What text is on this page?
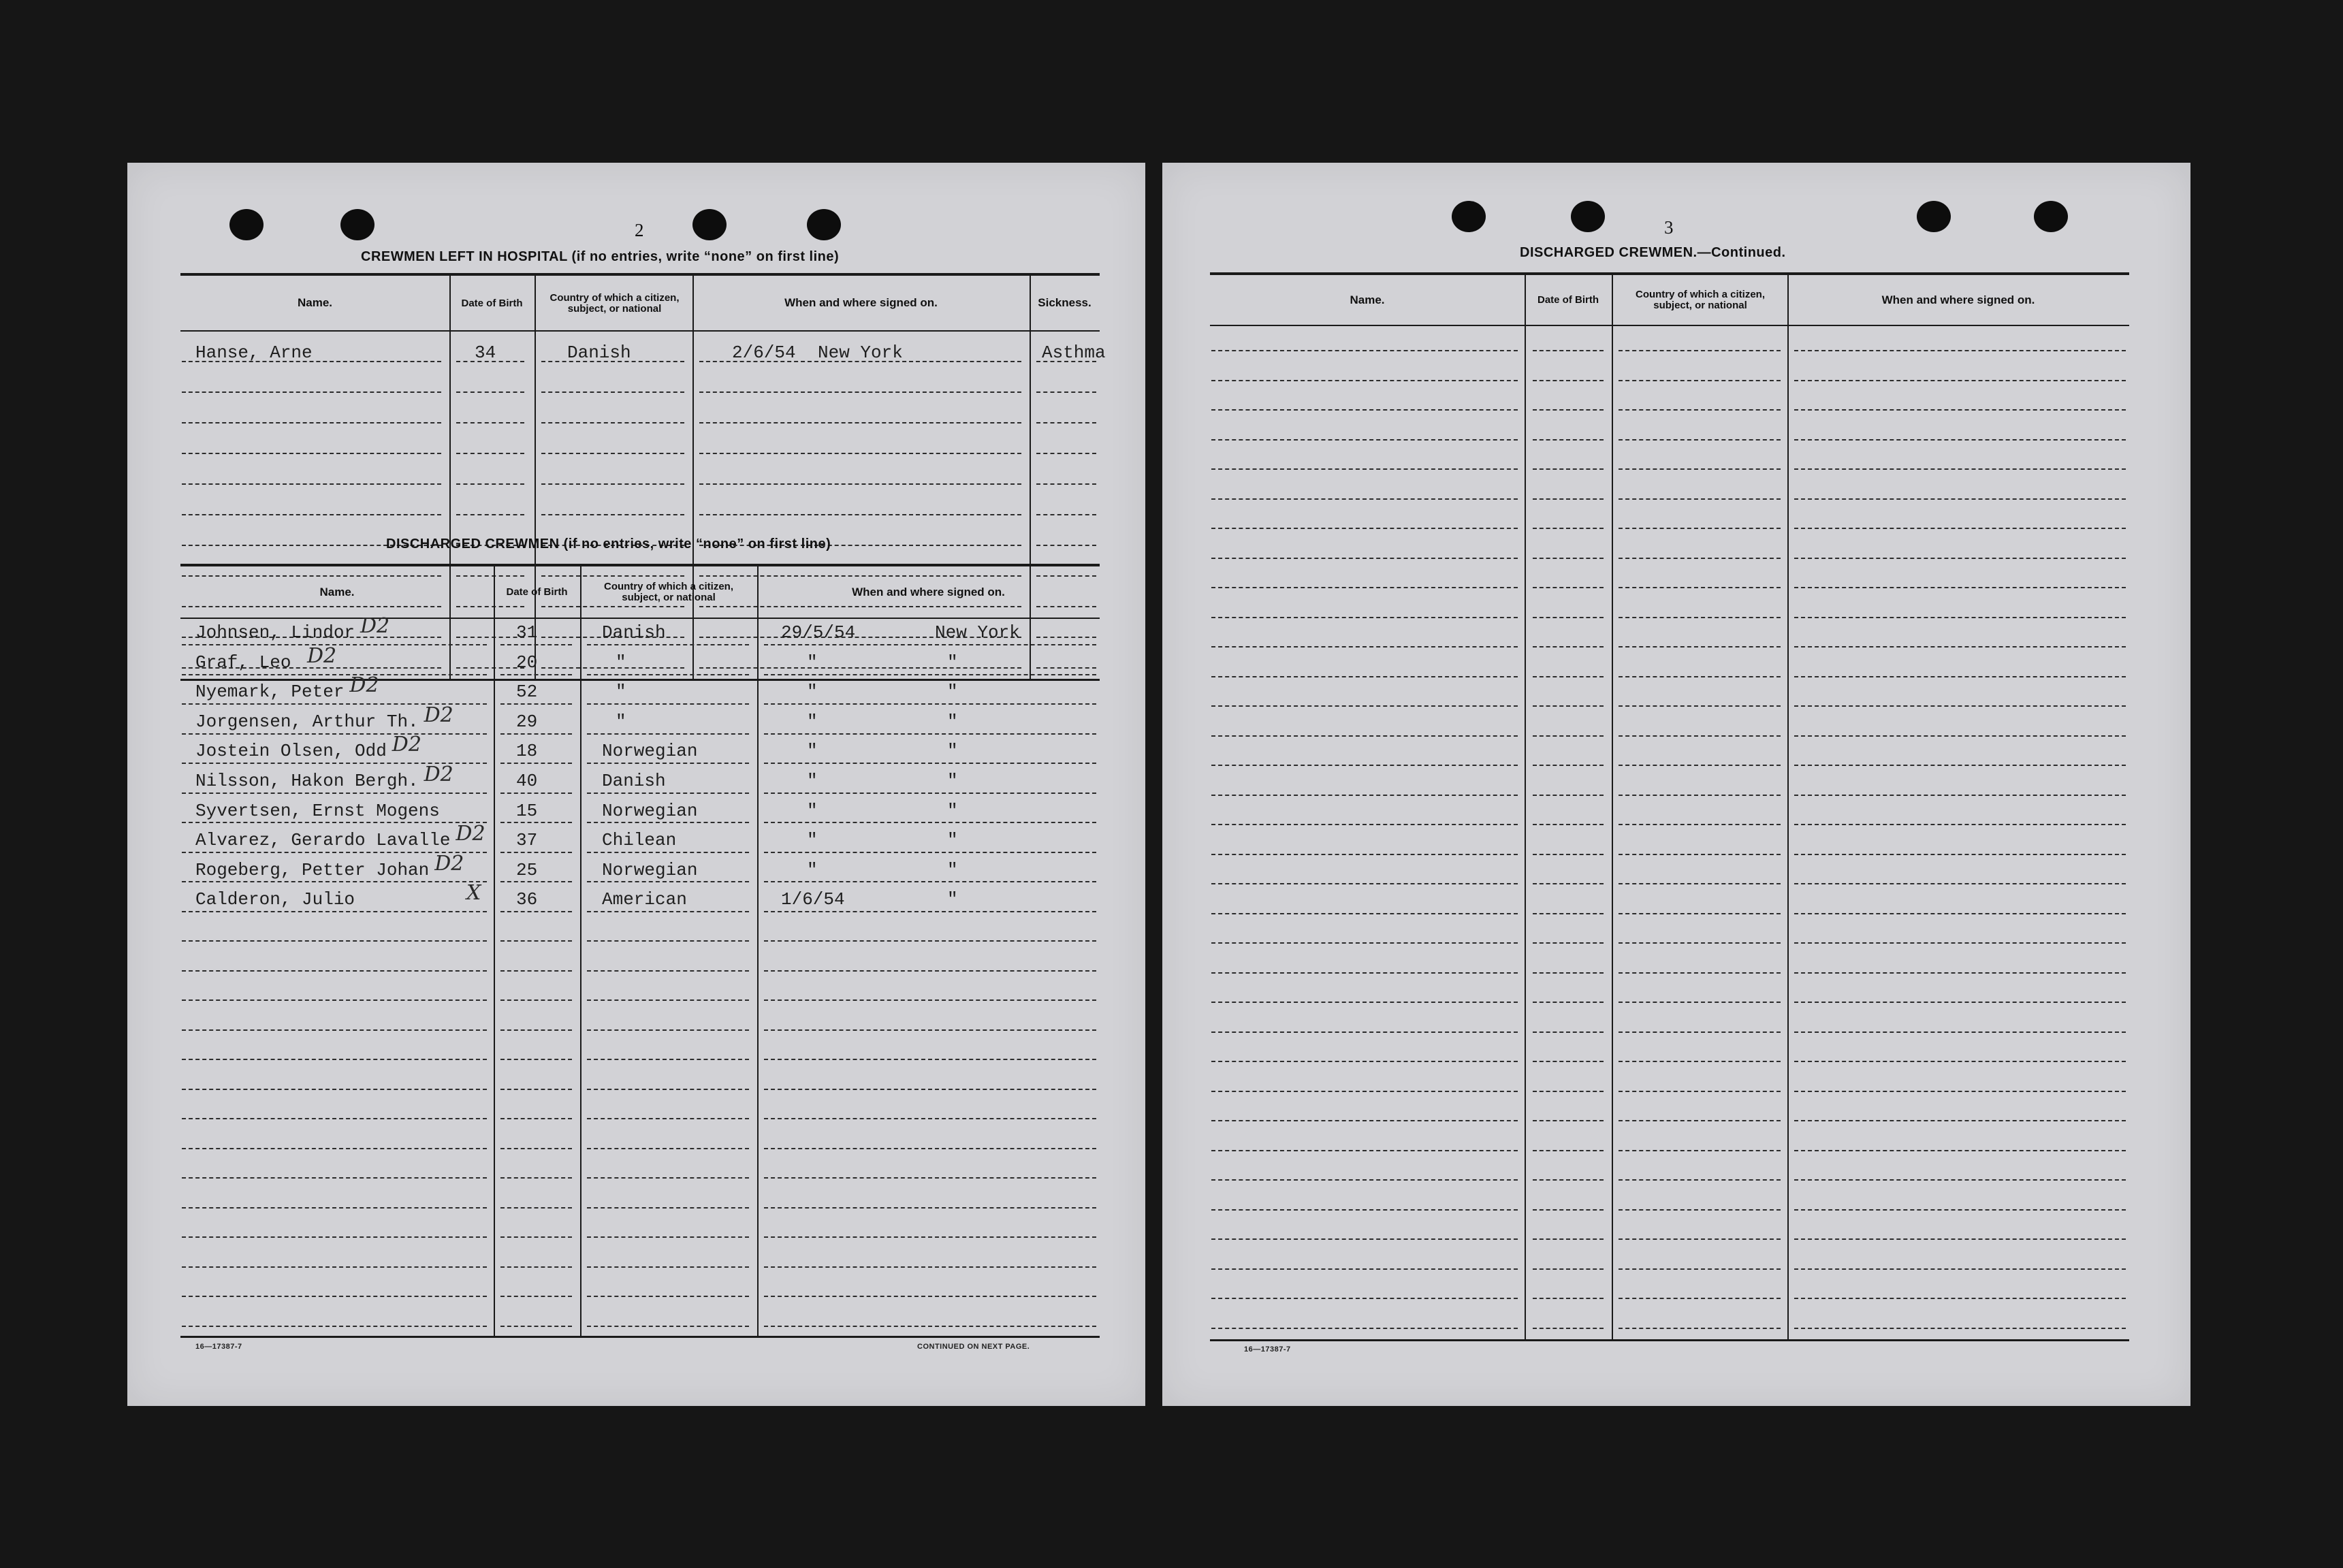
2
CREWMEN LEFT IN HOSPITAL (if no entries, write “none” on first line)
Name.	Date of Birth	Country of which a citizen, subject, or national	When and where signed on.	Sickness.
Hanse, Arne	34	Danish	2/6/54 New York	Asthma
DISCHARGED CREWMEN (if no entries, write “none” on first line)
Name.	Date of Birth	Country of which a citizen, subject, or national	When and where signed on.
Johnsen, Lindor	31	Danish	29/5/54	New York
D2
Graf, Leo	20	"	"	"
D2
Nyemark, Peter	52	"	"	"
D2
Jorgensen, Arthur Th.	29	"	"	"
D2
Jostein Olsen, Odd	18	Norwegian	"	"
D2
Nilsson, Hakon Bergh.	40	Danish	"	"
D2
Syvertsen, Ernst Mogens	15	Norwegian	"	"
Alvarez, Gerardo Lavalle	37	Chilean	"	"
D2
Rogeberg, Petter Johan	25	Norwegian	"	"
D2
Calderon, Julio	36	American	1/6/54	"
X
16—17387-7	CONTINUED ON NEXT PAGE.
3
DISCHARGED CREWMEN.—Continued.
Name.	Date of Birth	Country of which a citizen, subject, or national	When and where signed on.
16—17387-7
